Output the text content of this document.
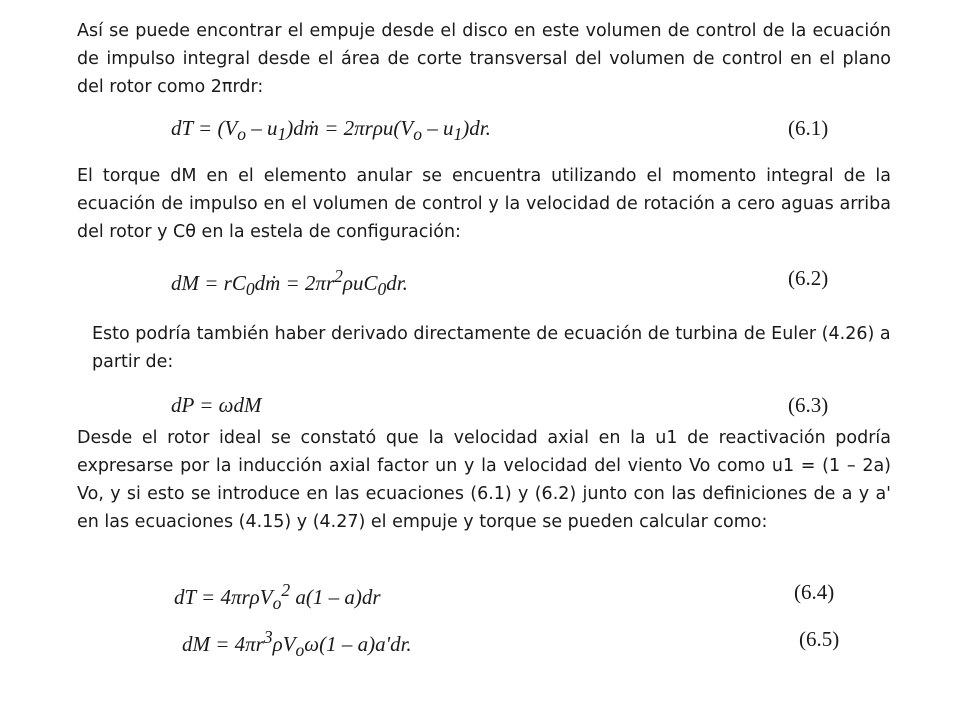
Así se puede encontrar el empuje desde el disco en este volumen de control de la ecuación de impulso integral desde el área de corte transversal del volumen de control en el plano del rotor como 2πrdr:
dT = ($V_o$ – $u_1)dṁ = 2\pi r\rho u(V_o - u_1)dr$.	(6.1)
El torque dM en el elemento anular se encuentra utilizando el momento integral de la ecuación de impulso en el volumen de control y la velocidad de rotación a cero aguas arriba del rotor y Cθ en la estela de configuración:
dM = $rC_0dṁ = 2\pi r^2\rho uC_0dr$.	(6.2)
Esto podría también haber derivado directamente de ecuación de turbina de Euler (4.26) a partir de:
dP = ωdM	(6.3)
Desde el rotor ideal se constató que la velocidad axial en la u1 de reactivación podría expresarse por la inducción axial factor un y la velocidad del viento Vo como u1 = (1 – 2a) Vo, y si esto se introduce en las ecuaciones (6.1) y (6.2) junto con las definiciones de a y a' en las ecuaciones (4.15) y (4.27) el empuje y torque se pueden calcular como:
dT = 4πrρV$_o^2$ a(1 – a)dr	(6.4)
dM = $4\pi r^3\rho V_o\omega(1 - a)a'dr$.	(6.5)
